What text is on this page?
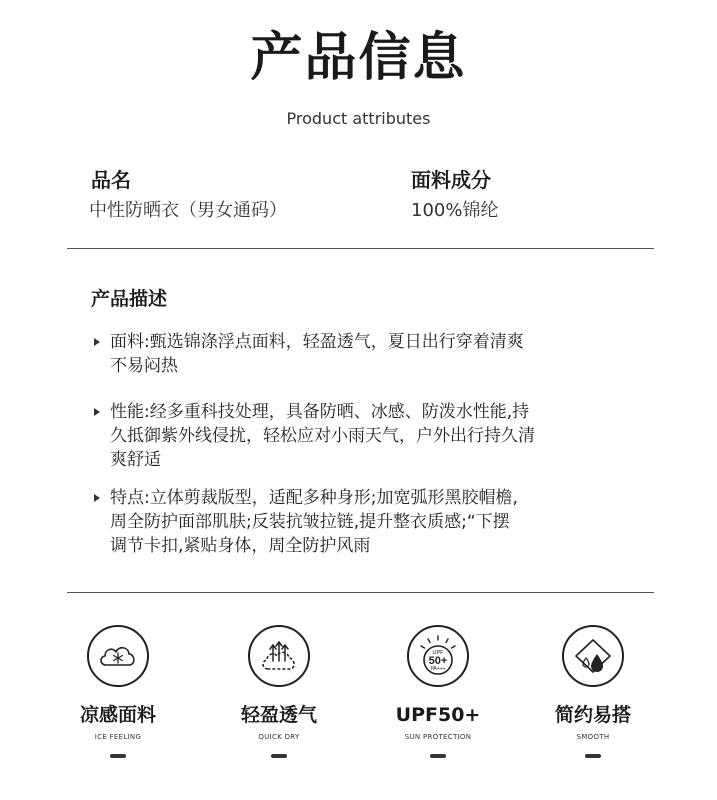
产品信息
Product attributes
品名
中性防晒衣（男女通码）
面料成分
100%锦纶
产品描述
面料:甄选锦涤浮点面料，轻盈透气，夏日出行穿着清爽
不易闷热
性能:经多重科技处理，具备防晒、冰感、防泼水性能,持
久抵御紫外线侵扰，轻松应对小雨天气，户外出行持久清
爽舒适
特点:立体剪裁版型，适配多种身形;加宽弧形黑胶帽檐,
周全防护面部肌肤;反装抗皱拉链,提升整衣质感;“下摆
调节卡扣,紧贴身体，周全防护风雨
凉感面料
ICE FEELING
轻盈透气
QUICK DRY
UPF
50+
PA+++
UPF50+
SUN PROTECTION
简约易搭
SMOOTH
